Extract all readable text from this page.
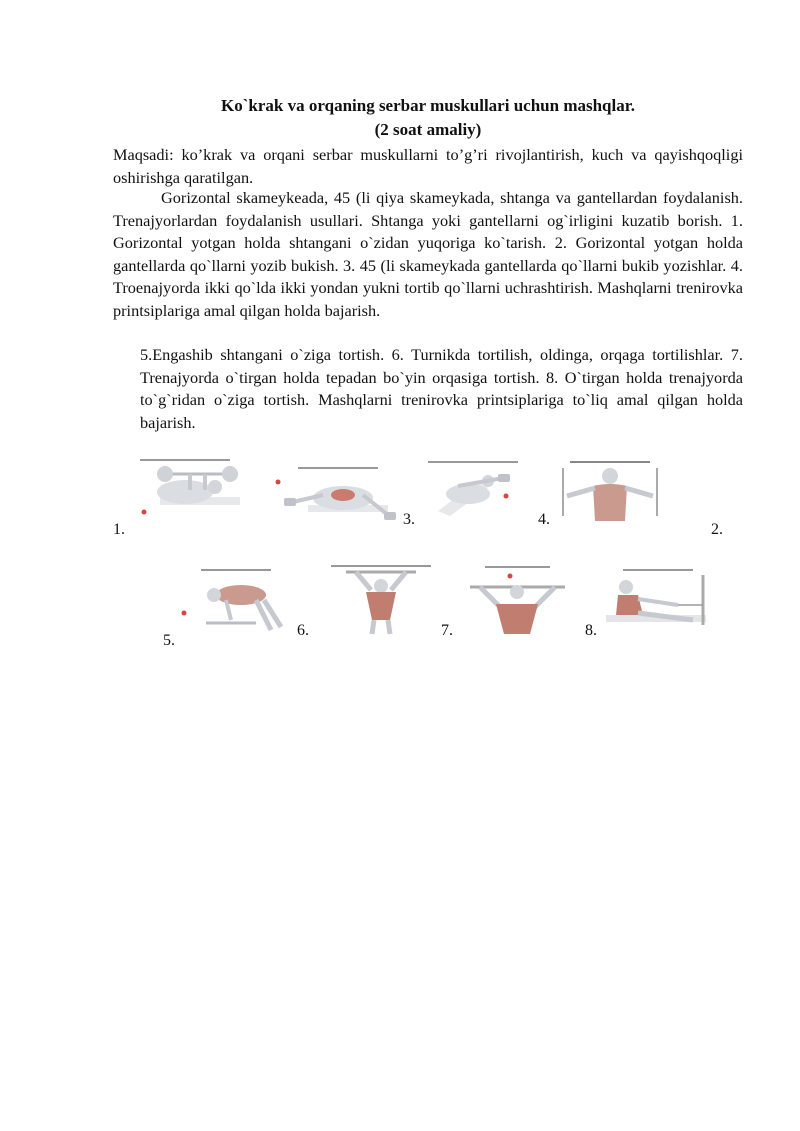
Ko`krak va orqaning serbar muskullari uchun mashqlar.
(2 soat amaliy)

Maqsadi: ko’krak va orqani serbar muskullarni to’g’ri rivojlantirish, kuch va qayishqoqligi oshirishga qaratilgan.

Gorizontal skameykeada, 45 (li qiya skameykada, shtanga va gantellardan foydalanish. Trenajyorlardan foydalanish usullari. Shtanga yoki gantellarni og`irligini kuzatib borish. 1. Gorizontal yotgan holda shtangani o`zidan yuqoriga ko`tarish. 2. Gorizontal yotgan holda gantellarda qo`llarni yozib bukish. 3. 45 (li skameykada gantellarda qo`llarni bukib yozishlar. 4. Troenajyorda ikki qo`lda ikki yondan yukni tortib qo`llarni uchrashtirish. Mashqlarni trenirovka printsiplariga amal qilgan holda bajarish.

5.Engashib shtangani o`ziga tortish. 6. Turnikda tortilish, oldinga, orqaga tortilishlar. 7. Trenajyorda o`tirgan holda tepadan bo`yin orqasiga tortish. 8. O`tirgan holda trenajyorda to`g`ridan o`ziga tortish. Mashqlarni trenirovka printsiplariga to`liq amal qilgan holda bajarish.

1.
3.	4.
2.
5.
6.	7.	8.
